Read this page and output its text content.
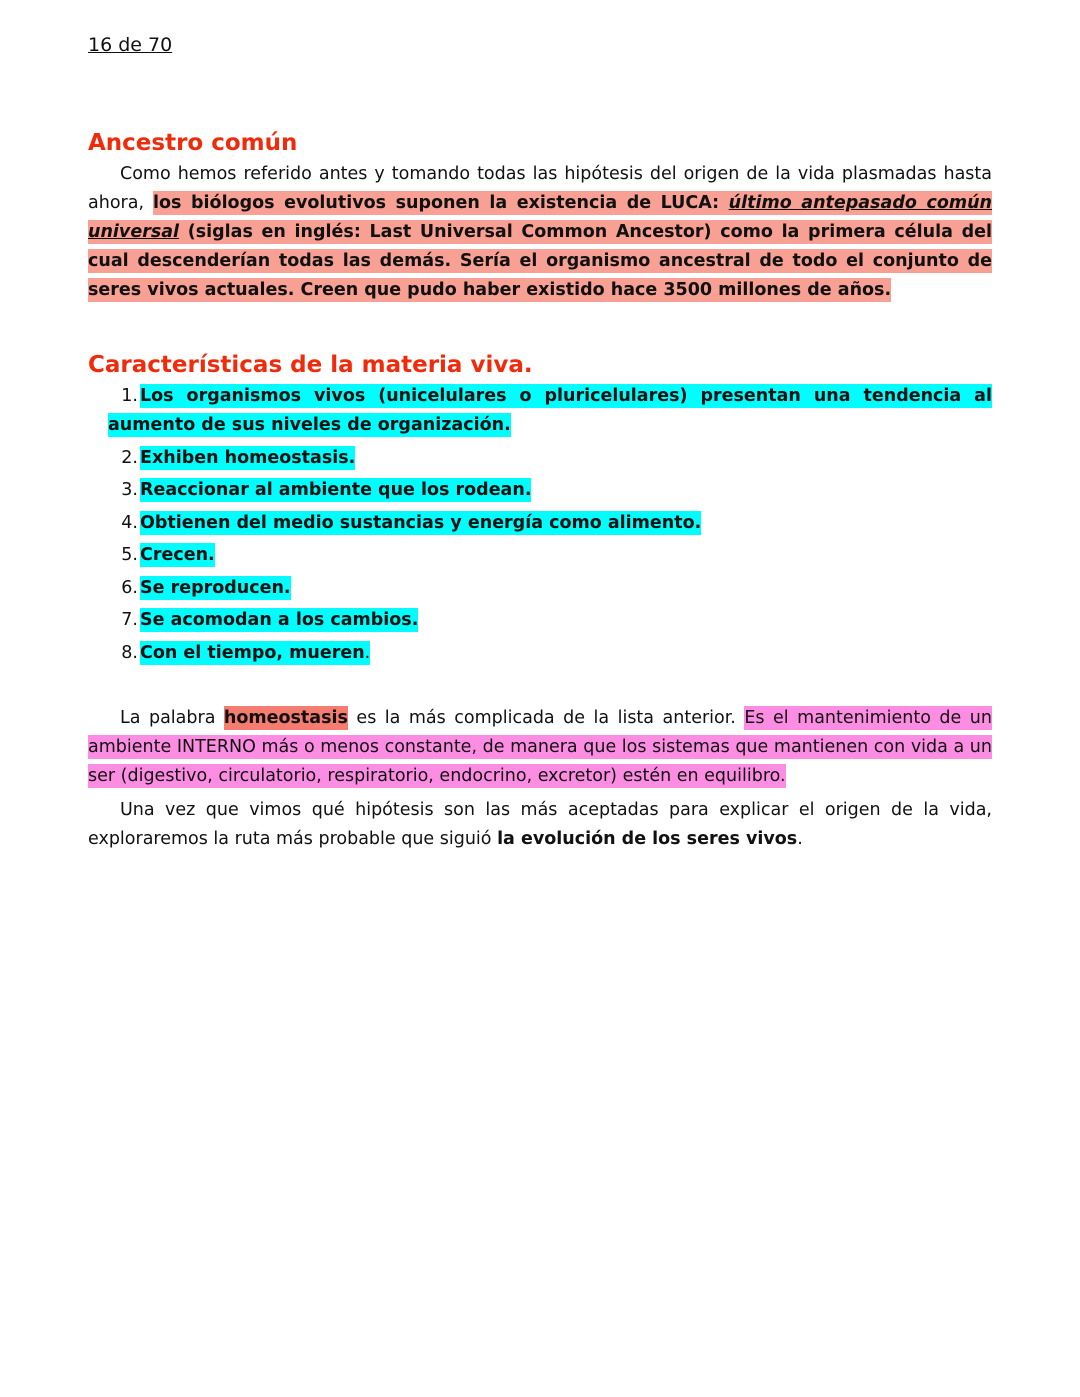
16 de 70
Ancestro común

Como hemos referido antes y tomando todas las hipótesis del origen de la vida plasmadas hasta ahora, los biólogos evolutivos suponen la existencia de LUCA: último antepasado común universal (siglas en inglés: Last Universal Common Ancestor) como la primera célula del cual descenderían todas las demás. Sería el organismo ancestral de todo el conjunto de seres vivos actuales. Creen que pudo haber existido hace 3500 millones de años.

Características de la materia viva.
1. Los organismos vivos (unicelulares o pluricelulares) presentan una tendencia al aumento de sus niveles de organización.
2. Exhiben homeostasis.
3. Reaccionar al ambiente que los rodean.
4. Obtienen del medio sustancias y energía como alimento.
5. Crecen.
6. Se reproducen.
7. Se acomodan a los cambios.
8. Con el tiempo, mueren.

La palabra homeostasis es la más complicada de la lista anterior. Es el mantenimiento de un ambiente INTERNO más o menos constante, de manera que los sistemas que mantienen con vida a un ser (digestivo, circulatorio, respiratorio, endocrino, excretor) estén en equilibro.

Una vez que vimos qué hipótesis son las más aceptadas para explicar el origen de la vida, exploraremos la ruta más probable que siguió la evolución de los seres vivos.
